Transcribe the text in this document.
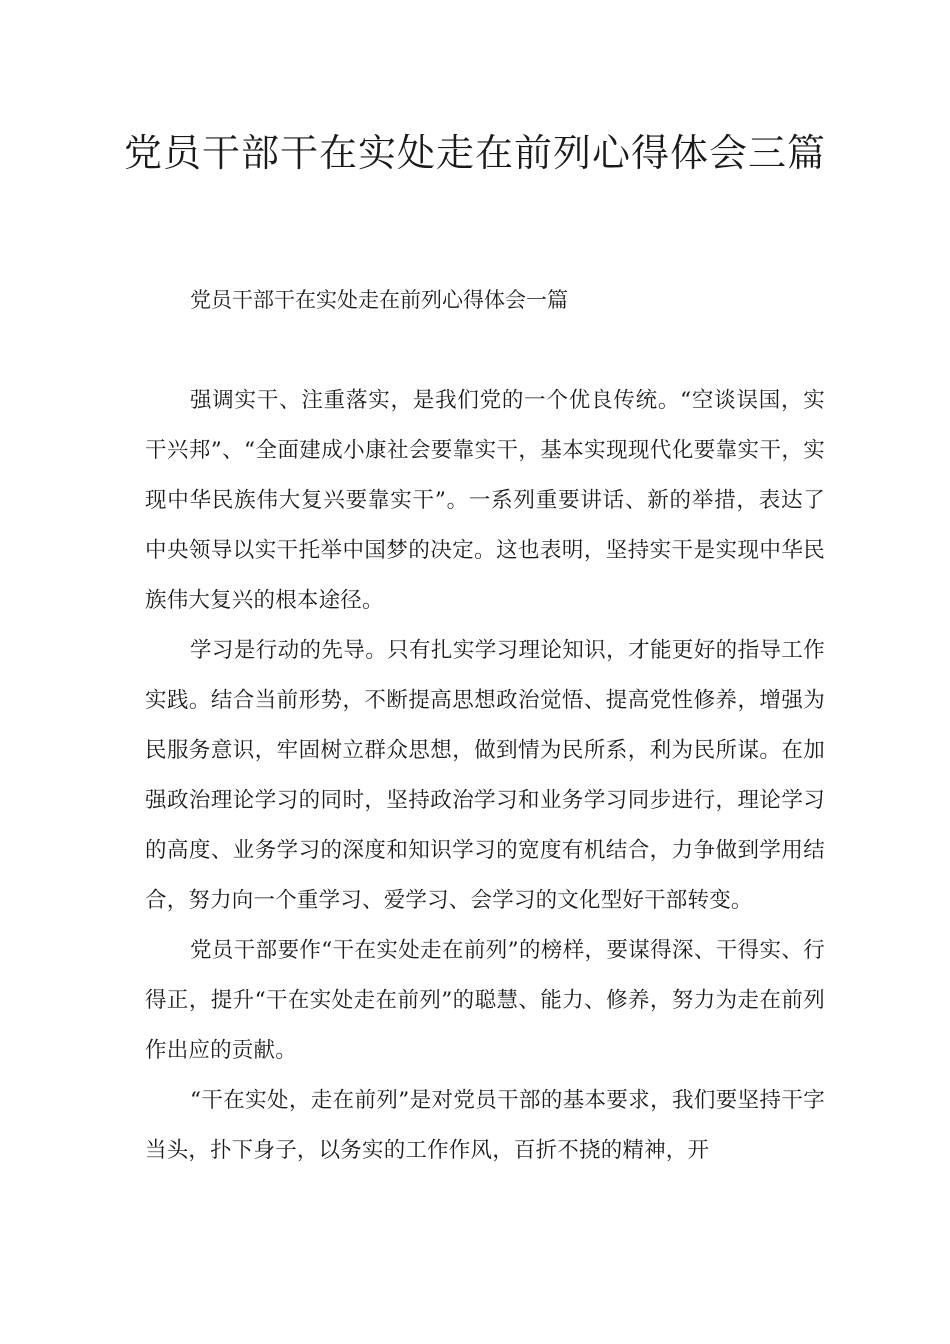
党员干部干在实处走在前列心得体会三篇

党员干部干在实处走在前列心得体会一篇

强调实干、注重落实，是我们党的一个优良传统。“空谈误国，实干兴邦”、“全面建成小康社会要靠实干，基本实现现代化要靠实干，实现中华民族伟大复兴要靠实干”。一系列重要讲话、新的举措，表达了中央领导以实干托举中国梦的决定。这也表明，坚持实干是实现中华民族伟大复兴的根本途径。

学习是行动的先导。只有扎实学习理论知识，才能更好的指导工作实践。结合当前形势，不断提高思想政治觉悟、提高党性修养，增强为民服务意识，牢固树立群众思想，做到情为民所系，利为民所谋。在加强政治理论学习的同时，坚持政治学习和业务学习同步进行，理论学习的高度、业务学习的深度和知识学习的宽度有机结合，力争做到学用结合，努力向一个重学习、爱学习、会学习的文化型好干部转变。

党员干部要作“干在实处走在前列”的榜样，要谋得深、干得实、行得正，提升“干在实处走在前列”的聪慧、能力、修养，努力为走在前列作出应的贡献。

“干在实处，走在前列”是对党员干部的基本要求，我们要坚持干字当头，扑下身子，以务实的工作作风，百折不挠的精神，开
